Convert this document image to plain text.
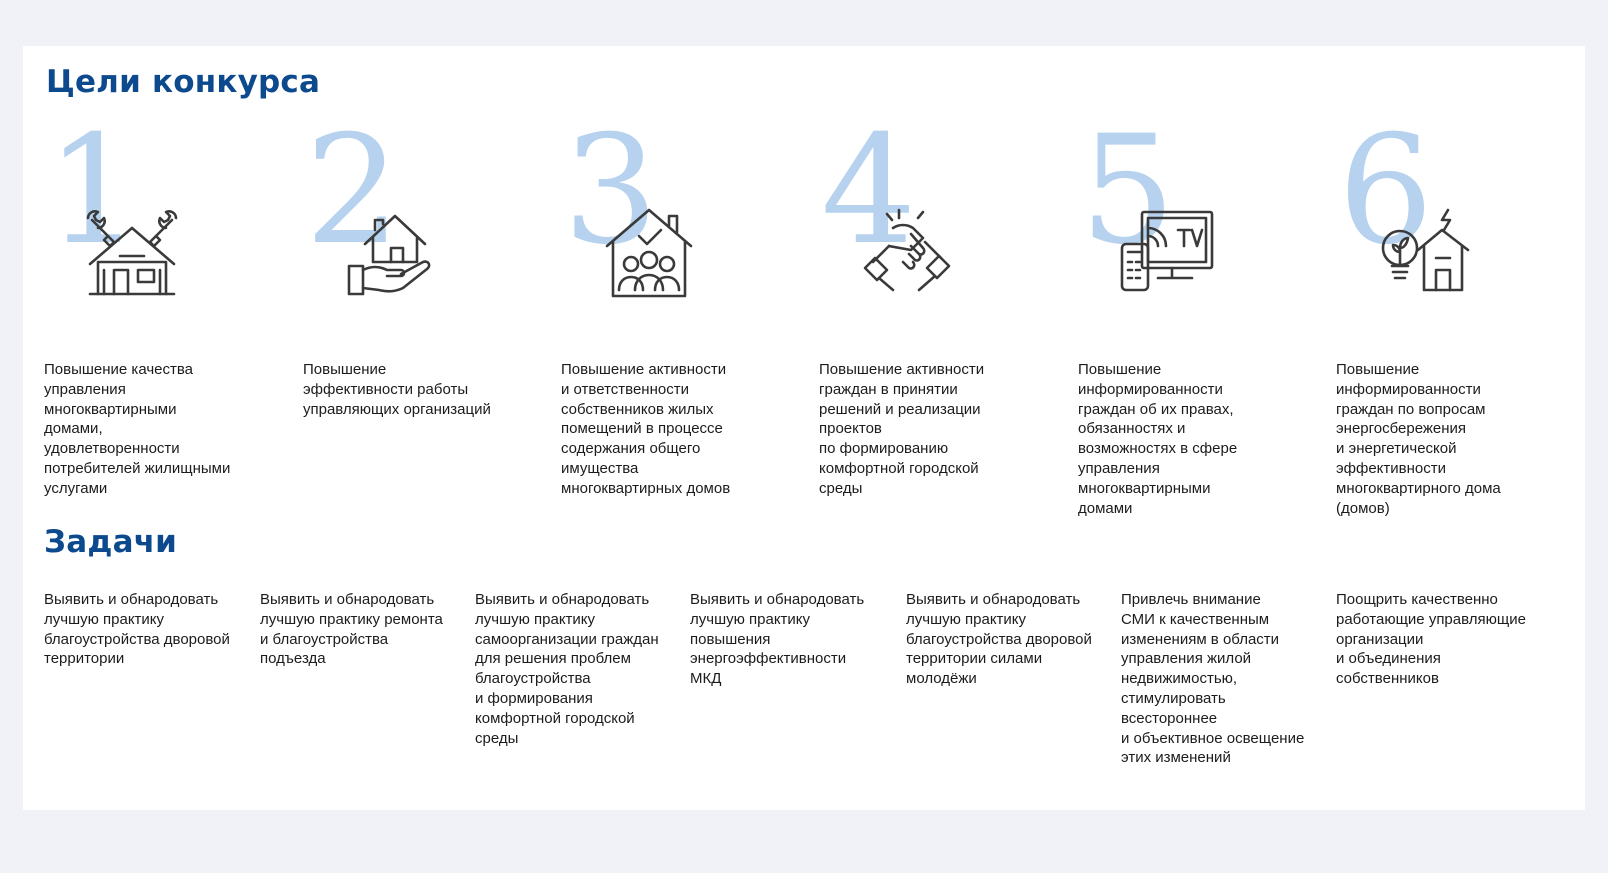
Цели конкурса
1
Повышение качества
управления
многоквартирными
домами,
удовлетворенности
потребителей жилищными
услугами
2
Повышение
эффективности работы
управляющих организаций
3
Повышение активности
и ответственности
собственников жилых
помещений в процессе
содержания общего
имущества
многоквартирных домов
4
Повышение активности
граждан в принятии
решений и реализации
проектов
по формированию
комфортной городской
среды
5
Повышение
информированности
граждан об их правах,
обязанностях и
возможностях в сфере
управления
многоквартирными
домами
6
Повышение
информированности
граждан по вопросам
энергосбережения
и энергетической
эффективности
многоквартирного дома
(домов)
Задачи
Выявить и обнародовать
лучшую практику
благоустройства дворовой
территории
Выявить и обнародовать
лучшую практику ремонта
и благоустройства
подъезда
Выявить и обнародовать
лучшую практику
самоорганизации граждан
для решения проблем
благоустройства
и формирования
комфортной городской
среды
Выявить и обнародовать
лучшую практику
повышения
энергоэффективности
МКД
Выявить и обнародовать
лучшую практику
благоустройства дворовой
территории силами
молодёжи
Привлечь внимание
СМИ к качественным
изменениям в области
управления жилой
недвижимостью,
стимулировать
всестороннее
и объективное освещение
этих изменений
Поощрить качественно
работающие управляющие
организации
и объединения
собственников
